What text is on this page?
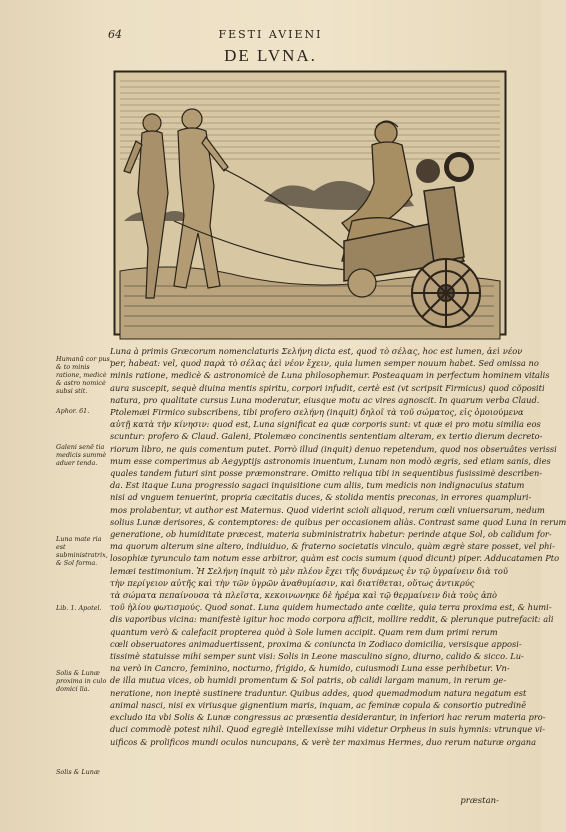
64	FESTI AVIENI
DE LVNA.
Humanũ cor pus, & to minis ratione, medicè & astro nomicè subsi stit.
Aphor. 61.
Galeni senē tia medicis summè aduer tenda.
Luna mate ria est subministratrix, & Sol forma.
Lib. 1. Apotel.
Solis & Lunæ proxima in culo domici lia.
Solis & Lunæ
Luna à primis Græcorum nomenclaturis Σελήνη dicta est, quod τὸ σέλας, hoc est lumen, ἀεὶ νέον
per, habeat: vel, quod παρὰ τὸ σέλας ἀεὶ νέον ἔχειν, quia lumen semper nouum habet. Sed omissa no
minis ratione, medicè & astronomicè de Luna philosophemur. Posteaquam in perfectum hominem vitalis
aura suscepit, sequè diuina mentis spiritu, corpori infudit, certè est (vt scripsit Firmicus) quod cŏpositi
natura, pro qualitate cursus Luna moderatur, eiusque motu ac vires agnoscit. In quarum verba Claud.
Ptolemæi Firmico subscribens, tibi profero σελήνη (inquit) δηλοῖ τὰ τοῦ σώματος, εἰς ὁμοιούμενα
αὐτῇ κατὰ τὴν κίνησιν: quod est, Luna significat ea quæ corporis sunt: vt quæ ei pro motu similia eos
scuntur: profero & Claud. Galeni, Ptolemæo concinentis sententiam alteram, ex tertio dierum decreto-
riorum libro, ne quis comentum putet. Porrò illud (inquit) denuo repetendum, quod nos obseruâtes verissi
mum esse comperimus ab Aegyptijs astronomis inuentum, Lunam non modò ægris, sed etiam sanis, dies
quales tandem futuri sint posse præmonstrare. Omitto reliqua tibi in sequentibus fusissimè describen-
da. Est itaque Luna progressio sagaci inquisitione cum aliis, tum medicis non indignacuius statum
nisi ad vnguem tenuerint, propria cæcitatis duces, & stolida mentis preconas, in errores quampluri-
mos prolabentur, vt author est Maternus. Quod viderint scioli aliquod, rerum cœli vniuersarum, nedum
solius Lunæ derisores, & contemptores: de quibus per occasionem aliàs. Contrast same quod Luna in rerum
generatione, ob humiditate præcest, materia subministratrix habetur: perinde atque Sol, ob calidum for-
ma quorum alterum sine altero, indiuiduo, & fraterno societatis vinculo, quàm ægrè stare posset, vel phi-
losophiæ tyrunculo tam notum esse arbitror, quàm est cocis sumum (quod dicunt) piper. Adducatamen Pto
lemæi testimonium. Ἡ Σελήνη inquit τὸ μὲν πλέον ἔχει τῆς δυνάμεως ἐν τῷ ὑγραίνειν διὰ τοῦ
τὴν περίγειον αὐτῆς καὶ τὴν τῶν ὑγρῶν ἀναθυμίασιν, καὶ διατίθεται, οὕτως ἀντικρύς
τὰ σώματα πεπαίνουσα τὰ πλεῖστα, κεκοινωνηκε δὲ ἠρέμα καὶ τῷ θερμαίνειν διὰ τοὺς ἀπὸ
τοῦ ἡλίου φωτισμούς. Quod sonat. Luna quidem humectado ante cœlite, quia terra proxima est, & humi-
dis vaporibus vicina: manifestè igitur hoc modo corpora afficit, mollire reddit, & plerunque putrefacit: ali
quantum verò & calefacit propterea quòd à Sole lumen accipit. Quam rem dum primi rerum
cœli obseruatores animaduertissent, proxima & coniuncta in Zodiaco domicilia, versisque apposi-
tissimè statuisse mihi semper sunt visi: Solis in Leone masculino signo, diurno, calido & sicco. Lu-
na verò in Cancro, feminino, nocturno, frigido, & humido, cuiusmodi Luna esse perhibetur. Vn-
de illa mutua vices, ob humidi promentum & Sol patris, ob calidi largam manum, in rerum ge-
neratione, non ineptè sustinere traduntur. Quibus addes, quod quemadmodum natura negatum est
animal nasci, nisi ex viriusque gignentium maris, inquam, ac feminæ copula & consortio putredinē
excludo ita vbi Solis & Lunæ congressus ac præsentia desiderantur, in inferiori hac rerum materia pro-
duci commodè potest nihil. Quod egregiè intellexisse mihi videtur Orpheus in suis hymnis: vtrunque vi-
uificos & prolificos mundi oculos nuncupans, & verè ter maximus Hermes, duo rerum naturæ organa
præstan-
